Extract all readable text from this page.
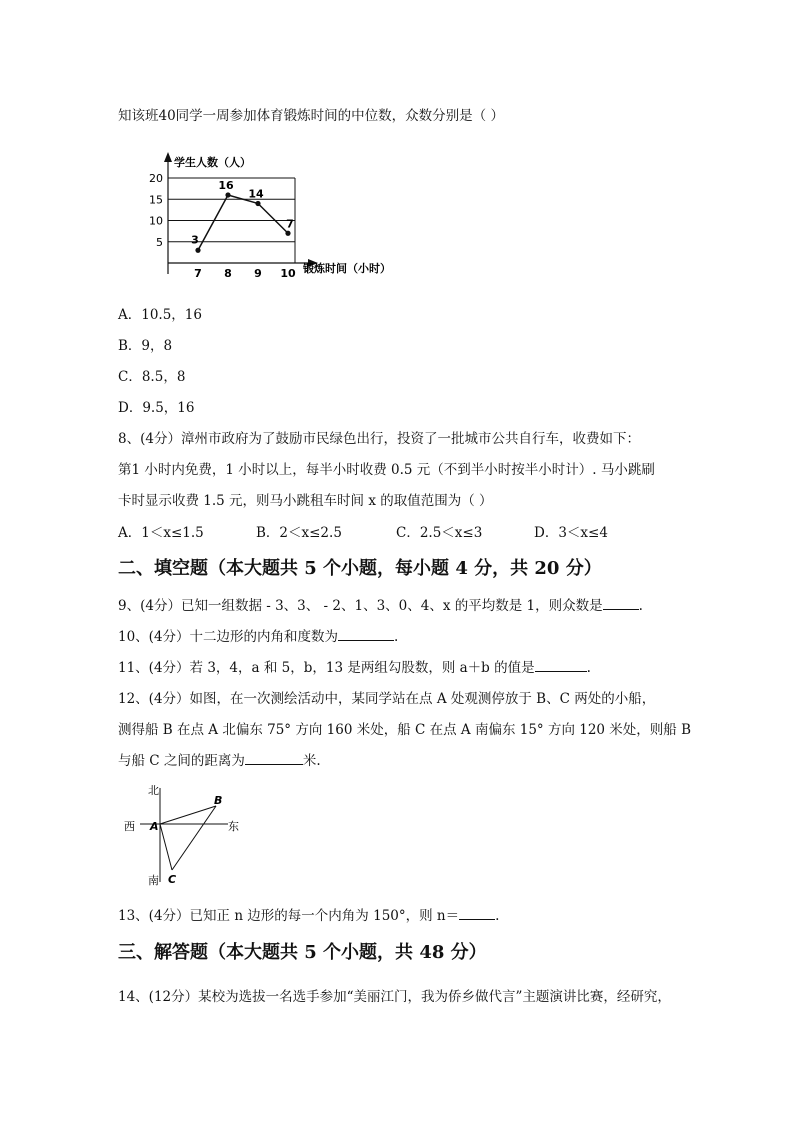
知该班40同学一周参加体育锻炼时间的中位数，众数分别是（ ）
5
10
15
20
7 8 9 10
学生人数（人）
锻炼时间（小时）
3
16
14
7
A．10.5，16
B．9，8
C．8.5，8
D．9.5，16
8、(4分）漳州市政府为了鼓励市民绿色出行，投资了一批城市公共自行车，收费如下：
第1 小时内免费，1 小时以上，每半小时收费 0.5 元（不到半小时按半小时计）. 马小跳刷
卡时显示收费 1.5 元，则马小跳租车时间 x 的取值范围为（ ）
A．1＜x≤1.5	B．2＜x≤2.5	C．2.5＜x≤3	D．3＜x≤4
二、填空题（本大题共 5 个小题，每小题 4 分，共 20 分）
9、(4分）已知一组数据 - 3、3、 - 2、1、3、0、4、x 的平均数是 1，则众数是	.
10、(4分）十二边形的内角和度数为	.
11、(4分）若 3，4，a 和 5，b，13 是两组勾股数，则 a＋b 的值是	.
12、(4分）如图，在一次测绘活动中，某同学站在点 A 处观测停放于 B、C 两处的小船，
测得船 B 在点 A 北偏东 75° 方向 160 米处，船 C 在点 A 南偏东 15° 方向 120 米处，则船 B
与船 C 之间的距离为	米.
北
南
西	东
A
B
C
13、(4分）已知正 n 边形的每一个内角为 150°，则 n＝	.
三、解答题（本大题共 5 个小题，共 48 分）
14、(12分）某校为选拔一名选手参加“美丽江门，我为侨乡做代言”主题演讲比赛，经研究，
